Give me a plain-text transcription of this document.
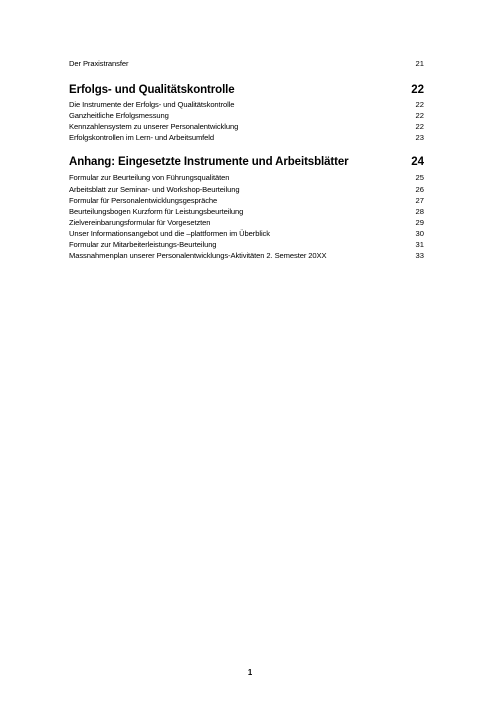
Der Praxistransfer	21
Erfolgs- und Qualitätskontrolle	22
Die Instrumente der Erfolgs- und Qualitätskontrolle	22
Ganzheitliche Erfolgsmessung	22
Kennzahlensystem zu unserer Personalentwicklung	22
Erfolgskontrollen im Lern- und Arbeitsumfeld	23
Anhang: Eingesetzte Instrumente und Arbeitsblätter	24
Formular zur Beurteilung von Führungsqualitäten	25
Arbeitsblatt zur Seminar- und Workshop-Beurteilung	26
Formular für Personalentwicklungsgespräche	27
Beurteilungsbogen Kurzform für Leistungsbeurteilung	28
Zielvereinbarungsformular für Vorgesetzten	29
Unser Informationsangebot und die –plattformen im Überblick	30
Formular zur Mitarbeiterleistungs-Beurteilung	31
Massnahmenplan unserer Personalentwicklungs-Aktivitäten 2. Semester 20XX	33
1
